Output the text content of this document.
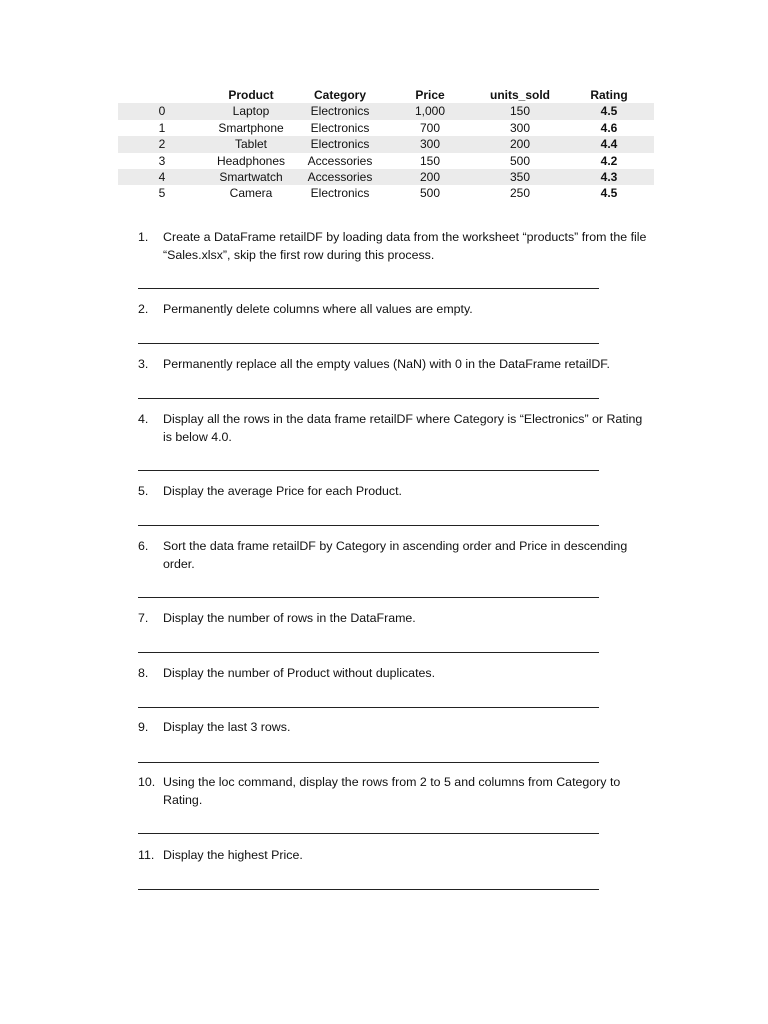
	Product	Category	Price	units_sold	Rating
0	Laptop	Electronics	1,000	150	4.5
1	Smartphone	Electronics	700	300	4.6
2	Tablet	Electronics	300	200	4.4
3	Headphones	Accessories	150	500	4.2
4	Smartwatch	Accessories	200	350	4.3
5	Camera	Electronics	500	250	4.5
1. Create a DataFrame retailDF by loading data from the worksheet “products” from the file “Sales.xlsx”, skip the first row during this process.
2. Permanently delete columns where all values are empty.
3. Permanently replace all the empty values (NaN) with 0 in the DataFrame retailDF.
4. Display all the rows in the data frame retailDF where Category is “Electronics” or Rating is below 4.0.
5. Display the average Price for each Product.
6. Sort the data frame retailDF by Category in ascending order and Price in descending order.
7. Display the number of rows in the DataFrame.
8. Display the number of Product without duplicates.
9. Display the last 3 rows.
10. Using the loc command, display the rows from 2 to 5 and columns from Category to Rating.
11. Display the highest Price.
